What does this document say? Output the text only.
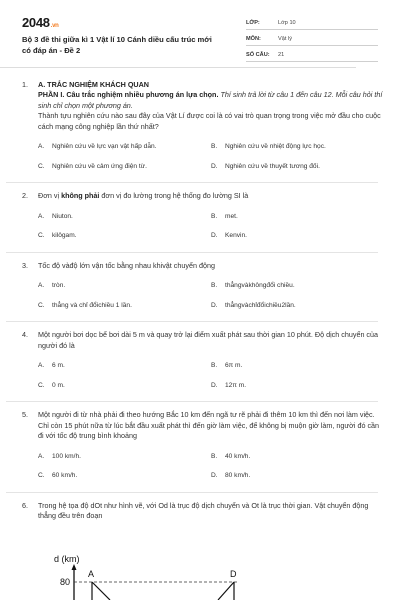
2048.vn
Bộ 3 đề thi giữa kì 1 Vật lí 10 Cánh diều cấu trúc mới có đáp án - Đề 2
LỚP:	Lớp 10
MÔN:	Vật lý
SỐ CÂU:	21
1.	A. TRẮC NGHIỆM KHÁCH QUAN
PHẦN I. Câu trắc nghiệm nhiều phương án lựa chọn. Thí sinh trả lời từ câu 1 đến câu 12. Mỗi câu hỏi thí sinh chỉ chọn một phương án.
Thành tựu nghiên cứu nào sau đây của Vật Lí được coi là có vai trò quan trọng trong việc mở đầu cho cuộc cách mạng công nghiệp lần thứ nhất?
A.	Nghiên cứu về lực vạn vật hấp dẫn.	B.	Nghiên cứu về nhiệt động lực học.
C.	Nghiên cứu về cảm ứng điện từ.	D.	Nghiên cứu về thuyết tương đối.
2.	Đơn vị không phải đơn vị đo lường trong hệ thống đo lường SI là
A.	Niuton.	B.	met.
C.	kilôgam.	D.	Kenvin.
3.	Tốc độ vàđộ lớn vận tốc bằng nhau khivật chuyển động
A.	tròn.	B.	thẳngvàkhôngđổi chiều.
C.	thẳng và chỉ đổichiều 1 lần.	D.	thẳngvàchỉđổichiều2lần.
4.	Một người bơi dọc bể bơi dài 5 m và quay trở lại điểm xuất phát sau thời gian 10 phút. Độ dịch chuyển của người đó là
A.	6 m.	B.	6π m.
C.	0 m.	D.	12π m.
5.	Một người đi từ nhà phải đi theo hướng Bắc 10 km đến ngã tư rẽ phải đi thêm 10 km thì đến nơi làm việc. Chỉ còn 15 phút nữa từ lúc bắt đầu xuất phát thì đến giờ làm việc, để không bị muộn giờ làm, người đó cần đi với tốc độ trung bình khoảng
A.	100 km/h.	B.	40 km/h.
C.	60 km/h.	D.	80 km/h.
6.	Trong hệ tọa độ dOt như hình vẽ, với Od là trục độ dịch chuyển và Ot là trục thời gian. Vật chuyển động thẳng đều trên đoạn
d (km)
80
A	D
